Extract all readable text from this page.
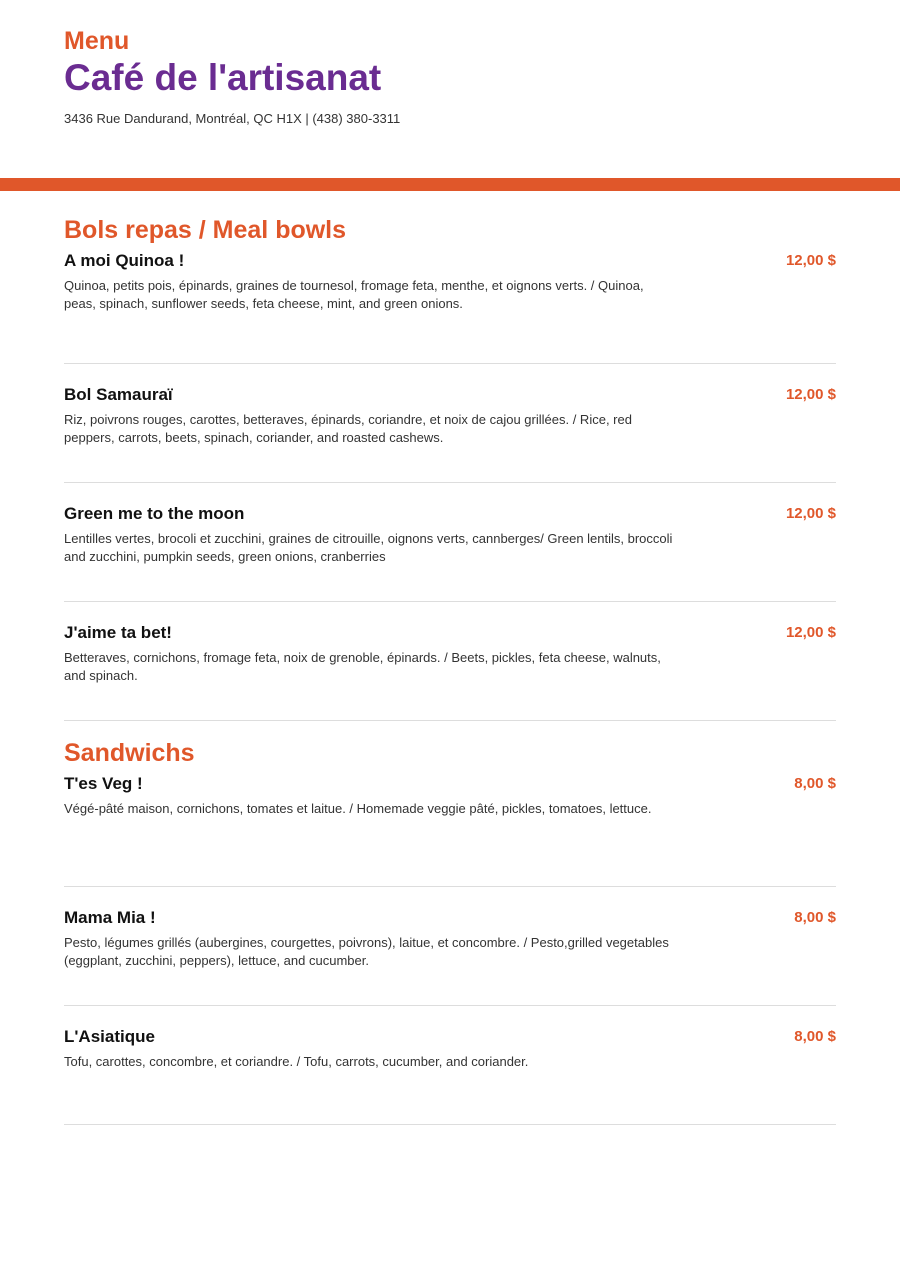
Menu
Café de l'artisanat
3436 Rue Dandurand, Montréal, QC H1X | (438) 380-3311
Bols repas / Meal bowls
A moi Quinoa !	12,00 $
Quinoa, petits pois, épinards, graines de tournesol, fromage feta, menthe, et oignons verts. / Quinoa, peas, spinach, sunflower seeds, feta cheese, mint, and green onions.
Bol Samauraï	12,00 $
Riz, poivrons rouges, carottes, betteraves, épinards, coriandre, et noix de cajou grillées. / Rice, red peppers, carrots, beets, spinach, coriander, and roasted cashews.
Green me to the moon	12,00 $
Lentilles vertes, brocoli et zucchini, graines de citrouille, oignons verts, cannberges/ Green lentils, broccoli and zucchini, pumpkin seeds, green onions, cranberries
J'aime ta bet!	12,00 $
Betteraves, cornichons, fromage feta, noix de grenoble, épinards. / Beets, pickles, feta cheese, walnuts, and spinach.
Sandwichs
T'es Veg !	8,00 $
Végé-pâté maison, cornichons, tomates et laitue. / Homemade veggie pâté, pickles, tomatoes, lettuce.
Mama Mia !	8,00 $
Pesto, légumes grillés (aubergines, courgettes, poivrons), laitue, et concombre. / Pesto,grilled vegetables (eggplant, zucchini, peppers), lettuce, and cucumber.
L'Asiatique	8,00 $
Tofu, carottes, concombre, et coriandre. / Tofu, carrots, cucumber, and coriander.
